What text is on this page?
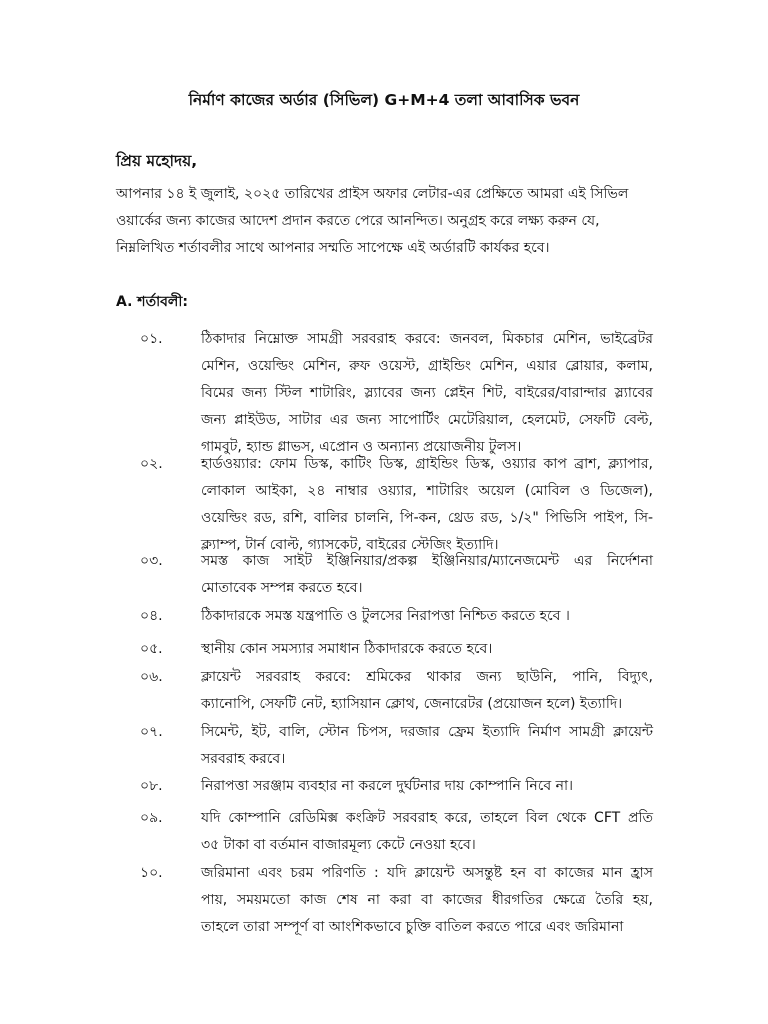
নির্মাণ কাজের অর্ডার (সিভিল) G+M+4 তলা আবাসিক ভবন
প্রিয় মহোদয়,
আপনার ১৪ ই জুলাই, ২০২৫ তারিখের প্রাইস অফার লেটার-এর প্রেক্ষিতে আমরা এই সিভিল
ওয়ার্কের জন্য কাজের আদেশ প্রদান করতে পেরে আনন্দিত। অনুগ্রহ করে লক্ষ্য করুন যে,
নিম্নলিখিত শর্তাবলীর সাথে আপনার সম্মতি সাপেক্ষে এই অর্ডারটি কার্যকর হবে।
A. শর্তাবলী:
০১.	ঠিকাদার নিম্নোক্ত সামগ্রী সরবরাহ করবে: জনবল, মিকচার মেশিন, ভাইব্রেটর
মেশিন, ওয়েল্ডিং মেশিন, রুফ ওয়েস্ট, গ্রাইন্ডিং মেশিন, এয়ার ব্লোয়ার, কলাম,
বিমের জন্য স্টিল শাটারিং, স্ল্যাবের জন্য প্লেইন শিট, বাইরের/বারান্দার স্ল্যাবের
জন্য প্লাইউড, সাটার এর জন্য সাপোর্টিং মেটেরিয়াল, হেলমেট, সেফটি বেল্ট,
গামবুট, হ্যান্ড গ্লাভস, এপ্রোন ও অন্যান্য প্রয়োজনীয় টুলস।
০২.	হার্ডওয়্যার: ফোম ডিস্ক, কাটিং ডিস্ক, গ্রাইন্ডিং ডিস্ক, ওয়্যার কাপ ব্রাশ, ক্ল্যাপার,
লোকাল আইকা, ২৪ নাম্বার ওয়্যার, শাটারিং অয়েল (মোবিল ও ডিজেল),
ওয়েল্ডিং রড, রশি, বালির চালনি, পি-কন, থ্রেড রড, ১/২" পিভিসি পাইপ, সি-
ক্ল্যাম্প, টার্ন বোল্ট, গ্যাসকেট, বাইরের স্টেজিং ইত্যাদি।
০৩.	সমস্ত কাজ সাইট ইঞ্জিনিয়ার/প্রকল্প ইঞ্জিনিয়ার/ম্যানেজমেন্ট এর নির্দেশনা
মোতাবেক সম্পন্ন করতে হবে।
০৪.	ঠিকাদারকে সমস্ত যন্ত্রপাতি ও টুলসের নিরাপত্তা নিশ্চিত করতে হবে ।
০৫.	স্থানীয় কোন সমস্যার সমাধান ঠিকাদারকে করতে হবে।
০৬.	ক্লায়েন্ট সরবরাহ করবে: শ্রমিকের থাকার জন্য ছাউনি, পানি, বিদ্যুৎ,
ক্যানোপি, সেফটি নেট, হ্যাসিয়ান ক্লোথ, জেনারেটর (প্রয়োজন হলে) ইত্যাদি।
০৭.	সিমেন্ট, ইট, বালি, স্টোন চিপস, দরজার ফ্রেম ইত্যাদি নির্মাণ সামগ্রী ক্লায়েন্ট
সরবরাহ করবে।
০৮.	নিরাপত্তা সরঞ্জাম ব্যবহার না করলে দুর্ঘটনার দায় কোম্পানি নিবে না।
০৯.	যদি কোম্পানি রেডিমিক্স কংক্রিট সরবরাহ করে, তাহলে বিল থেকে CFT প্রতি
৩৫ টাকা বা বর্তমান বাজারমূল্য কেটে নেওয়া হবে।
১০.	জরিমানা এবং চরম পরিণতি : যদি ক্লায়েন্ট অসন্তুষ্ট হন বা কাজের মান হ্রাস
পায়, সময়মতো কাজ শেষ না করা বা কাজের ধীরগতির ক্ষেত্রে তৈরি হয়,
তাহলে তারা সম্পূর্ণ বা আংশিকভাবে চুক্তি বাতিল করতে পারে এবং জরিমানা
